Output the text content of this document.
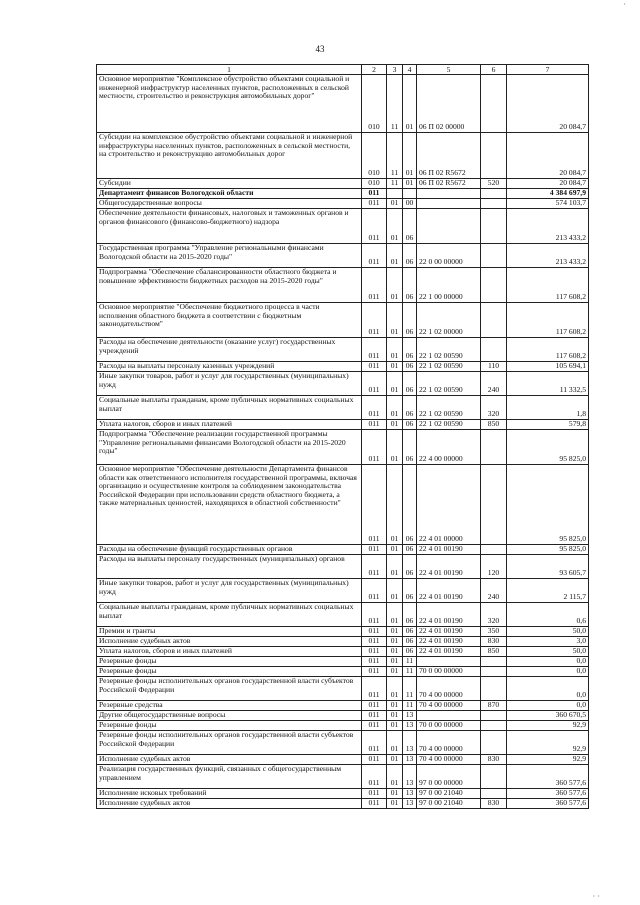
·
43
1	2	3	4	5	6	7
Основное мероприятие "Комплексное обустройство объектами социальной и инженерной инфраструктур населенных пунктов, расположенных в сельской местности, строительство и реконструкция автомобильных дорог"	010	11	01	06 П 02 00000		20 084,7
Субсидии на комплексное обустройство объектами социальной и инженерной инфраструктуры населенных пунктов, расположенных в сельской местности, на строительство и реконструкцию автомобильных дорог	010	11	01	06 П 02 R5672		20 084,7
Субсидии	010	11	01	06 П 02 R5672	520	20 084,7
Департамент финансов Вологодской области	011					4 384 697,9
Общегосударственные вопросы	011	01	00			574 103,7
Обеспечение деятельности финансовых, налоговых и таможенных органов и органов финансового (финансово-бюджетного) надзора	011	01	06			213 433,2
Государственная программа "Управление региональными финансами Вологодской области на 2015-2020 годы"	011	01	06	22 0 00 00000		213 433,2
Подпрограмма "Обеспечение сбалансированности областного бюджета и повышение эффективности бюджетных расходов на 2015-2020 годы"	011	01	06	22 1 00 00000		117 608,2
Основное мероприятие "Обеспечение бюджетного процесса в части исполнения областного бюджета в соответствии с бюджетным законодательством"	011	01	06	22 1 02 00000		117 608,2
Расходы на обеспечение деятельности (оказание услуг) государственных учреждений	011	01	06	22 1 02 00590		117 608,2
Расходы на выплаты персоналу казенных учреждений	011	01	06	22 1 02 00590	110	105 694,1
Иные закупки товаров, работ и услуг для государственных (муниципальных) нужд	011	01	06	22 1 02 00590	240	11 332,5
Социальные выплаты гражданам, кроме публичных нормативных социальных выплат	011	01	06	22 1 02 00590	320	1,8
Уплата налогов, сборов и иных платежей	011	01	06	22 1 02 00590	850	579,8
Подпрограмма "Обеспечение реализации государственной программы "Управление региональными финансами Вологодской области на 2015-2020 годы"	011	01	06	22 4 00 00000		95 825,0
Основное мероприятие "Обеспечение деятельности Департамента финансов области как ответственного исполнителя государственной программы, включая организацию и осуществление контроля за соблюдением законодательства Российской Федерации при использовании средств областного бюджета, а также материальных ценностей, находящихся в областной собственности"	011	01	06	22 4 01 00000		95 825,0
Расходы на обеспечение функций государственных органов	011	01	06	22 4 01 00190		95 825,0
Расходы на выплаты персоналу государственных (муниципальных) органов	011	01	06	22 4 01 00190	120	93 605,7
Иные закупки товаров, работ и услуг для государственных (муниципальных) нужд	011	01	06	22 4 01 00190	240	2 115,7
Социальные выплаты гражданам, кроме публичных нормативных социальных выплат	011	01	06	22 4 01 00190	320	0,6
Премии и гранты	011	01	06	22 4 01 00190	350	50,0
Исполнение судебных актов	011	01	06	22 4 01 00190	830	3,0
Уплата налогов, сборов и иных платежей	011	01	06	22 4 01 00190	850	50,0
Резервные фонды	011	01	11			0,0
Резервные фонды	011	01	11	70 0 00 00000		0,0
Резервные фонды исполнительных органов государственной власти субъектов Российской Федерации	011	01	11	70 4 00 00000		0,0
Резервные средства	011	01	11	70 4 00 00000	870	0,0
Другие общегосударственные вопросы	011	01	13			360 670,5
Резервные фонды	011	01	13	70 0 00 00000		92,9
Резервные фонды исполнительных органов государственной власти субъектов Российской Федерации	011	01	13	70 4 00 00000		92,9
Исполнение судебных актов	011	01	13	70 4 00 00000	830	92,9
Реализация государственных функций, связанных с общегосударственным управлением	011	01	13	97 0 00 00000		360 577,6
Исполнение исковых требований	011	01	13	97 0 00 21040		360 577,6
Исполнение судебных актов	011	01	13	97 0 00 21040	830	360 577,6
· ·
